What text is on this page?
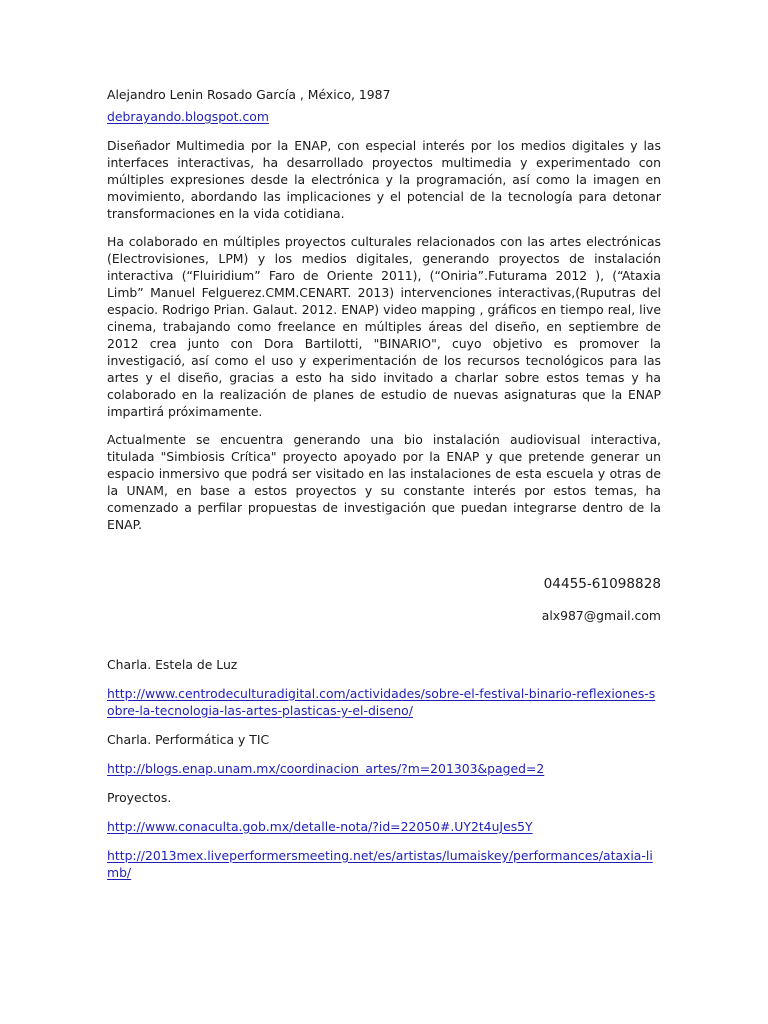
Alejandro Lenin Rosado García , México, 1987

debrayando.blogspot.com

Diseñador Multimedia por la ENAP, con especial interés por los medios digitales y las interfaces interactivas, ha desarrollado proyectos multimedia y experimentado con múltiples expresiones desde la electrónica y la programación, así como la imagen en movimiento, abordando las implicaciones y el potencial de la tecnología para detonar transformaciones en la vida cotidiana.

Ha colaborado en múltiples proyectos culturales relacionados con las artes electrónicas (Electrovisiones, LPM) y los medios digitales, generando proyectos de instalación interactiva (“Fluiridium” Faro de Oriente 2011), (“Oniria”.Futurama 2012 ), (“Ataxia Limb” Manuel Felguerez.CMM.CENART. 2013) intervenciones interactivas,(Ruputras del espacio. Rodrigo Prian. Galaut. 2012. ENAP) video mapping , gráficos en tiempo real, live cinema, trabajando como freelance en múltiples áreas del diseño, en septiembre de 2012 crea junto con Dora Bartilotti, "BINARIO", cuyo objetivo es promover la investigació, así como el uso y experimentación de los recursos tecnológicos para las artes y el diseño, gracias a esto ha sido invitado a charlar sobre estos temas y ha colaborado en la realización de planes de estudio de nuevas asignaturas que la ENAP impartirá próximamente.

Actualmente se encuentra generando una bio instalación audiovisual interactiva, titulada "Simbiosis Crítica" proyecto apoyado por la ENAP y que pretende generar un espacio inmersivo que podrá ser visitado en las instalaciones de esta escuela y otras de la UNAM, en base a estos proyectos y su constante interés por estos temas, ha comenzado a perfilar propuestas de investigación que puedan integrarse dentro de la ENAP.

04455-61098828

alx987@gmail.com

Charla. Estela de Luz

http://www.centrodeculturadigital.com/actividades/sobre-el-festival-binario-reflexiones-sobre-la-tecnologia-las-artes-plasticas-y-el-diseno/

Charla. Performática y TIC

http://blogs.enap.unam.mx/coordinacion_artes/?m=201303&paged=2

Proyectos.

http://www.conaculta.gob.mx/detalle-nota/?id=22050#.UY2t4uJes5Y

http://2013mex.liveperformersmeeting.net/es/artistas/lumaiskey/performances/ataxia-limb/
